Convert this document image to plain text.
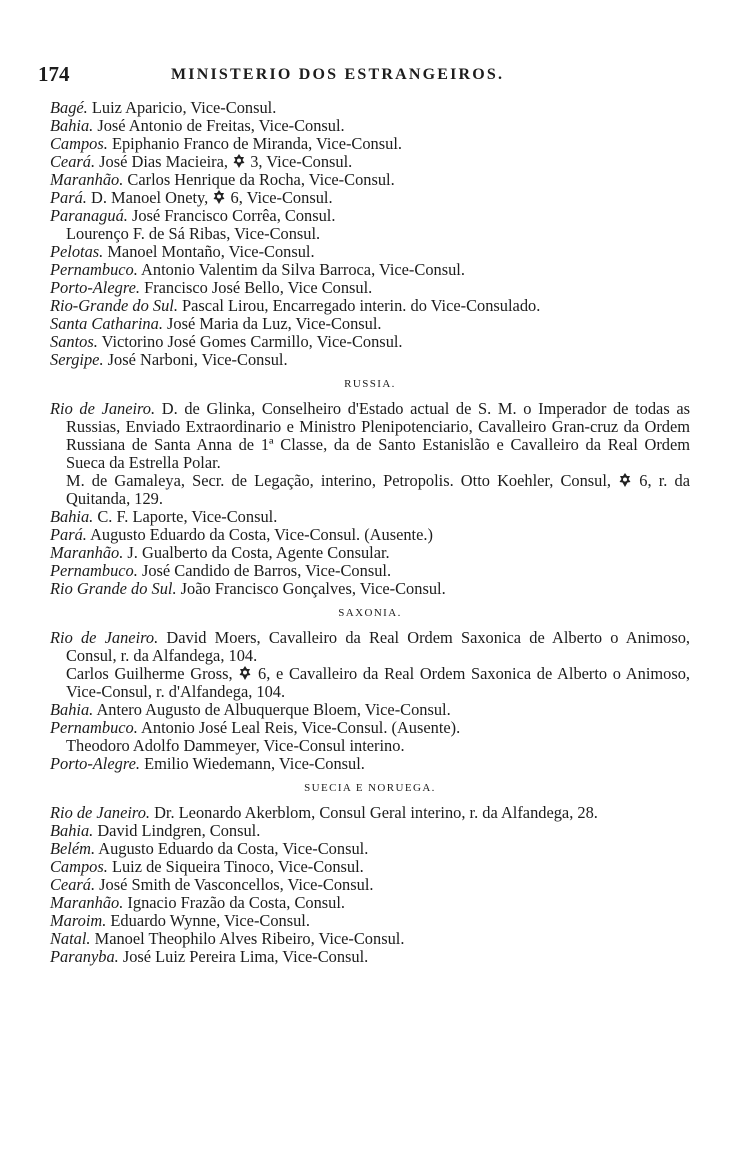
174	MINISTERIO DOS ESTRANGEIROS.

Bagé. Luiz Aparicio, Vice-Consul.

Bahia. José Antonio de Freitas, Vice-Consul.

Campos. Epiphanio Franco de Miranda, Vice-Consul.

Ceará. José Dias Macieira,
3, Vice-Consul.

Maranhão. Carlos Henrique da Rocha, Vice-Consul.

Pará. D. Manoel Onety,
6, Vice-Consul.

Paranaguá. José Francisco Corrêa, Consul.

Lourenço F. de Sá Ribas, Vice-Consul.

Pelotas. Manoel Montaño, Vice-Consul.

Pernambuco. Antonio Valentim da Silva Barroca, Vice-Consul.

Porto-Alegre. Francisco José Bello, Vice Consul.

Rio-Grande do Sul. Pascal Lirou, Encarregado interin. do Vice-Consulado.

Santa Catharina. José Maria da Luz, Vice-Consul.

Santos. Victorino José Gomes Carmillo, Vice-Consul.

Sergipe. José Narboni, Vice-Consul.

RUSSIA.

Rio de Janeiro. D. de Glinka, Conselheiro d'Estado actual de S. M. o Imperador de todas as Russias, Enviado Extraordinario e Ministro Plenipotenciario, Cavalleiro Gran-cruz da Ordem Russiana de Santa Anna de 1ª Classe, da de Santo Estanislão e Cavalleiro da Real Ordem Sueca da Estrella Polar.

M. de Gamaleya, Secr. de Legação, interino, Petropolis. Otto Koehler, Consul,
6, r. da Quitanda, 129.

Bahia. C. F. Laporte, Vice-Consul.

Pará. Augusto Eduardo da Costa, Vice-Consul. (Ausente.)

Maranhão. J. Gualberto da Costa, Agente Consular.

Pernambuco. José Candido de Barros, Vice-Consul.

Rio Grande do Sul. João Francisco Gonçalves, Vice-Consul.

SAXONIA.

Rio de Janeiro. David Moers, Cavalleiro da Real Ordem Saxonica de Alberto o Animoso, Consul, r. da Alfandega, 104.

Carlos Guilherme Gross,
6, e Cavalleiro da Real Ordem Saxonica de Alberto o Animoso, Vice-Consul, r. d'Alfandega, 104.

Bahia. Antero Augusto de Albuquerque Bloem, Vice-Consul.

Pernambuco. Antonio José Leal Reis, Vice-Consul. (Ausente).

Theodoro Adolfo Dammeyer, Vice-Consul interino.

Porto-Alegre. Emilio Wiedemann, Vice-Consul.

SUECIA E NORUEGA.

Rio de Janeiro. Dr. Leonardo Akerblom, Consul Geral interino, r. da Alfandega, 28.

Bahia. David Lindgren, Consul.

Belém. Augusto Eduardo da Costa, Vice-Consul.

Campos. Luiz de Siqueira Tinoco, Vice-Consul.

Ceará. José Smith de Vasconcellos, Vice-Consul.

Maranhão. Ignacio Frazão da Costa, Consul.

Maroim. Eduardo Wynne, Vice-Consul.

Natal. Manoel Theophilo Alves Ribeiro, Vice-Consul.

Paranyba. José Luiz Pereira Lima, Vice-Consul.
